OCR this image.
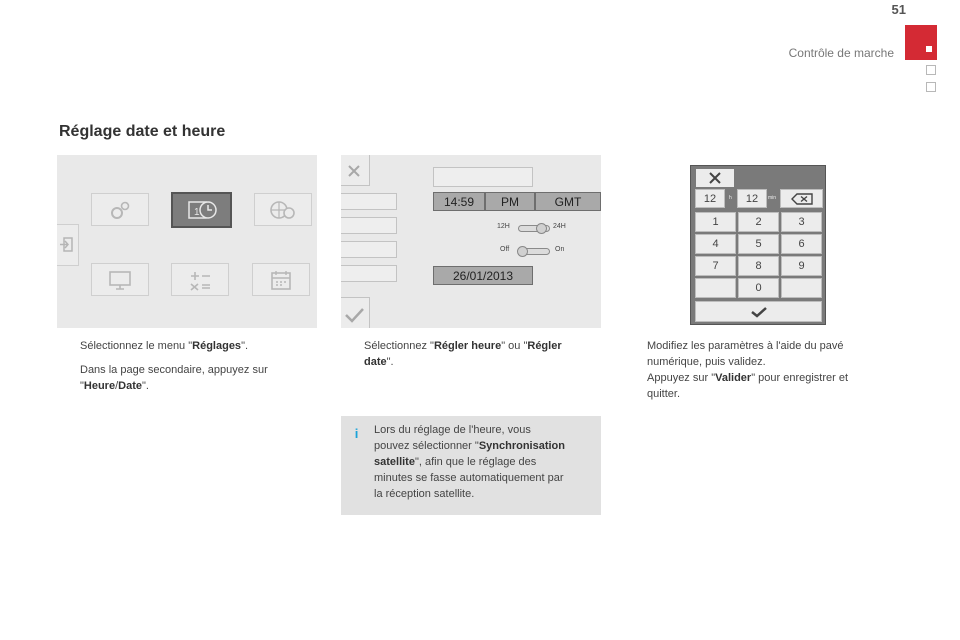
51
Contrôle de marche
Réglage date et heure
1
14:59	PM	GMT
12H	24H
Off	On
26/01/2013
12	h	12	min
1	2	3
4	5	6
7	8	9
0
Sélectionnez le menu "Réglages".
Dans la page secondaire, appuyez sur
"Heure/Date".
Sélectionnez "Régler heure" ou "Régler
date".
i	Lors du réglage de l'heure, vous
pouvez sélectionner "Synchronisation
satellite", afin que le réglage des
minutes se fasse automatiquement par
la réception satellite.
Modifiez les paramètres à l'aide du pavé
numérique, puis validez.
Appuyez sur "Valider" pour enregistrer et
quitter.
